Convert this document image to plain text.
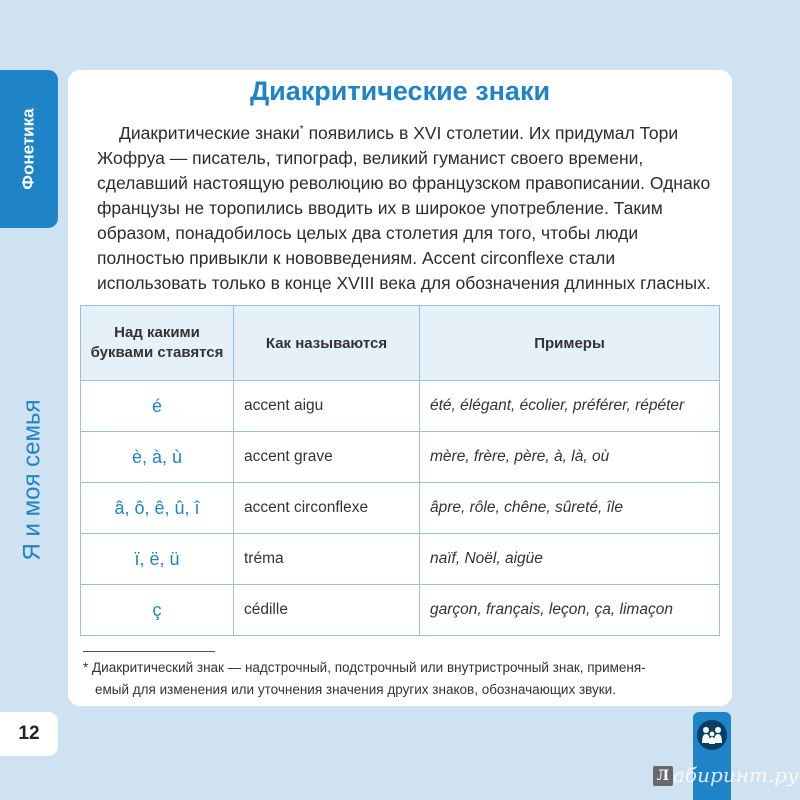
Фонетика
Я и моя семья
12
Диакритические знаки
Диакритические знаки* появились в XVI столетии. Их придумал Тори Жофруа — писатель, типограф, великий гуманист своего времени, сделавший настоящую революцию во французском правописании. Однако французы не торопились вводить их в широкое употребление. Таким образом, понадобилось целых два столетия для того, чтобы люди полностью привыкли к нововведениям. Accent circonflexe стали использовать только в конце XVIII века для обозначения длинных гласных.
Над какими буквами ставятся	Как называются	Примеры
é	accent aigu	été, élégant, écolier, préférer, répéter
è, à, ù	accent grave	mère, frère, père, à, là, où
â, ô, ê, û, î	accent circonflexe	âpre, rôle, chêne, sûreté, île
ï, ë, ü	tréma	naïf, Noël, aigüe
ç	cédille	garçon, français, leçon, ça, limaçon
* Диакритический знак — надстрочный, подстрочный или внутристрочный знак, применя-
емый для изменения или уточнения значения других знаков, обозначающих звуки.
Л абиринт.ру
